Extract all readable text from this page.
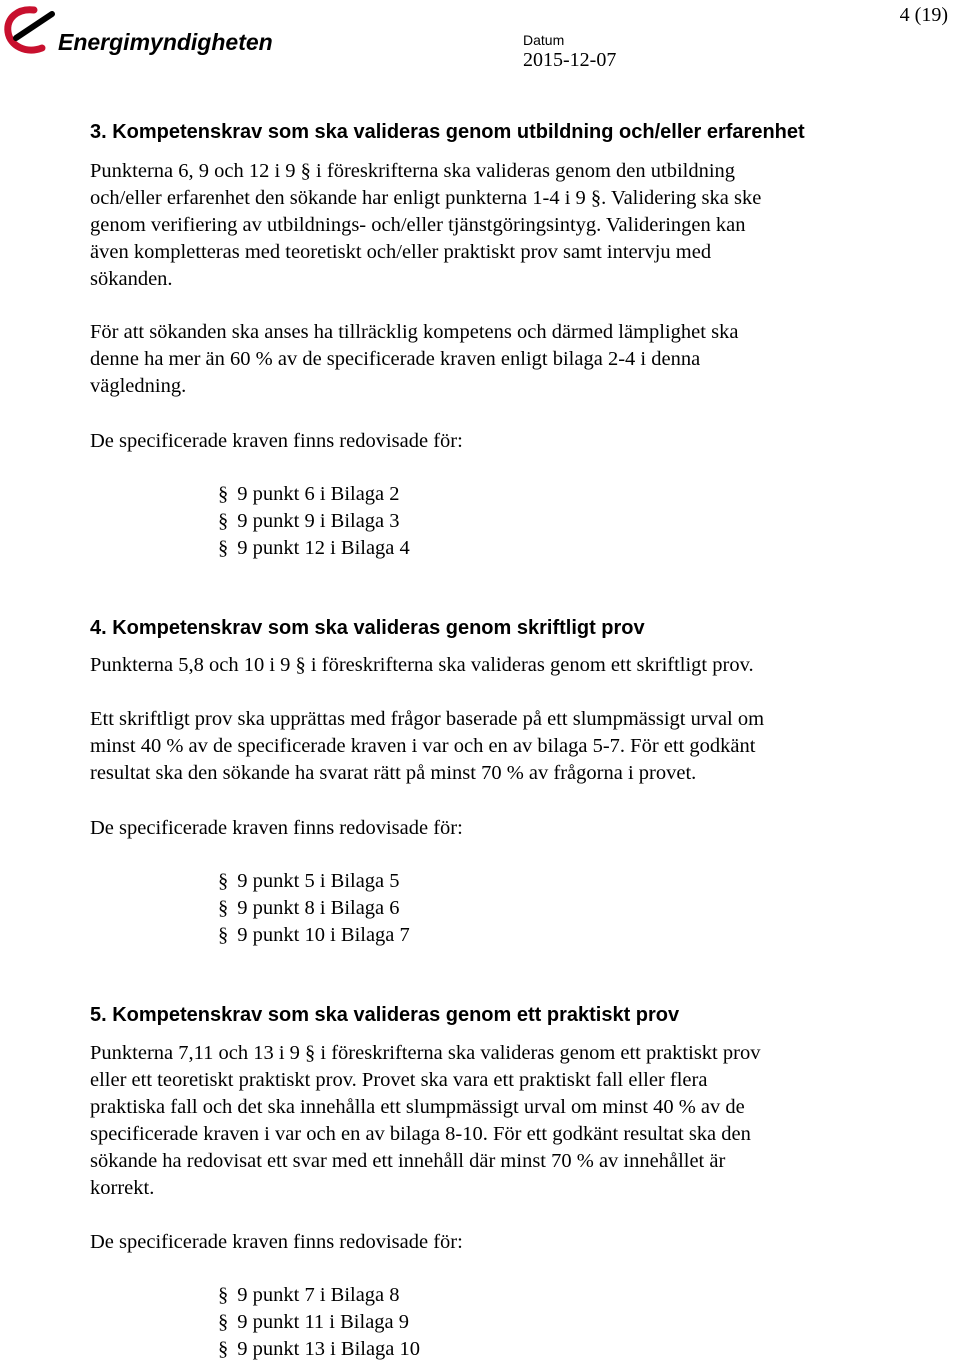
Energimyndigheten
4 (19)
Datum
2015-12-07
3. Kompetenskrav som ska valideras genom utbildning och/eller erfarenhet
Punkterna 6, 9 och 12 i 9 § i föreskrifterna ska valideras genom den utbildning
och/eller erfarenhet den sökande har enligt punkterna 1-4 i 9 §. Validering ska ske
genom verifiering av utbildnings- och/eller tjänstgöringsintyg. Valideringen kan
även kompletteras med teoretiskt och/eller praktiskt prov samt intervju med
sökanden.
För att sökanden ska anses ha tillräcklig kompetens och därmed lämplighet ska
denne ha mer än 60 % av de specificerade kraven enligt bilaga 2-4 i denna
vägledning.
De specificerade kraven finns redovisade för:
§ 9 punkt 6 i Bilaga 2
§ 9 punkt 9 i Bilaga 3
§ 9 punkt 12 i Bilaga 4
4. Kompetenskrav som ska valideras genom skriftligt prov
Punkterna 5,8 och 10 i 9 § i föreskrifterna ska valideras genom ett skriftligt prov.
Ett skriftligt prov ska upprättas med frågor baserade på ett slumpmässigt urval om
minst 40 % av de specificerade kraven i var och en av bilaga 5-7. För ett godkänt
resultat ska den sökande ha svarat rätt på minst 70 % av frågorna i provet.
De specificerade kraven finns redovisade för:
§ 9 punkt 5 i Bilaga 5
§ 9 punkt 8 i Bilaga 6
§ 9 punkt 10 i Bilaga 7
5. Kompetenskrav som ska valideras genom ett praktiskt prov
Punkterna 7,11 och 13 i 9 § i föreskrifterna ska valideras genom ett praktiskt prov
eller ett teoretiskt praktiskt prov. Provet ska vara ett praktiskt fall eller flera
praktiska fall och det ska innehålla ett slumpmässigt urval om minst 40 % av de
specificerade kraven i var och en av bilaga 8-10. För ett godkänt resultat ska den
sökande ha redovisat ett svar med ett innehåll där minst 70 % av innehållet är
korrekt.
De specificerade kraven finns redovisade för:
§ 9 punkt 7 i Bilaga 8
§ 9 punkt 11 i Bilaga 9
§ 9 punkt 13 i Bilaga 10
